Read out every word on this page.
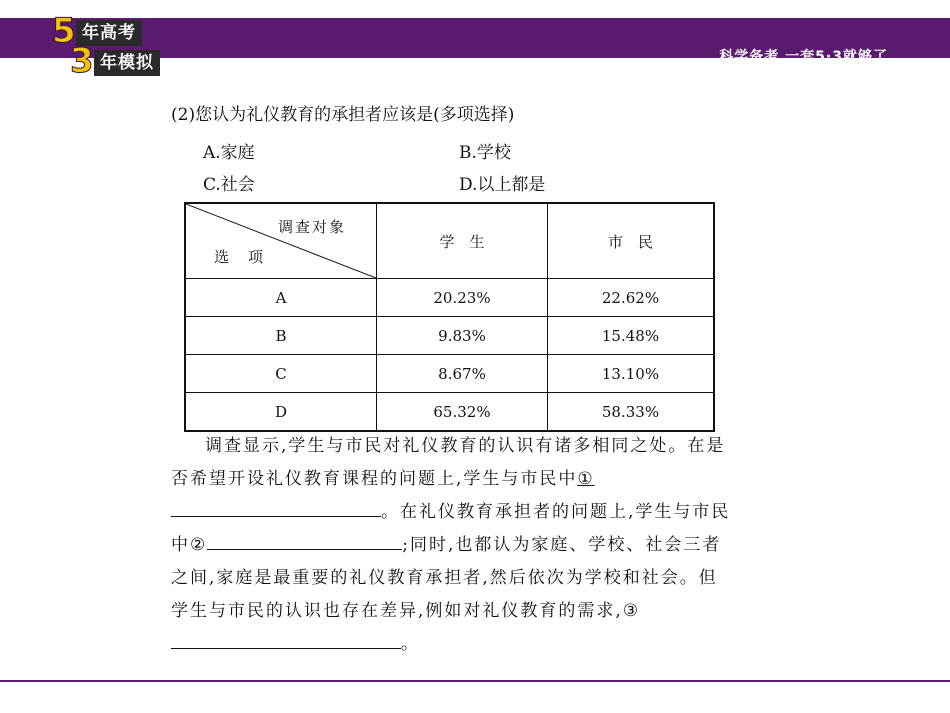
科学备考 一套5·3就够了
5 年高考
3 年模拟
(2)您认为礼仪教育的承担者应该是(多项选择)
A.家庭	B.学校
C.社会	D.以上都是
调查对象
选　项	学　生	市　民
A	20.23%	22.62%
B	9.83%	15.48%
C	8.67%	13.10%
D	65.32%	58.33%
调查显示,学生与市民对礼仪教育的认识有诸多相同之处。在是否希望开设礼仪教育课程的问题上,学生与市民中①
。在礼仪教育承担者的问题上,学生与市民中②	;同时,也都认为家庭、学校、社会三者之间,家庭是最重要的礼仪教育承担者,然后依次为学校和社会。但学生与市民的认识也存在差异,例如对礼仪教育的需求,③。
